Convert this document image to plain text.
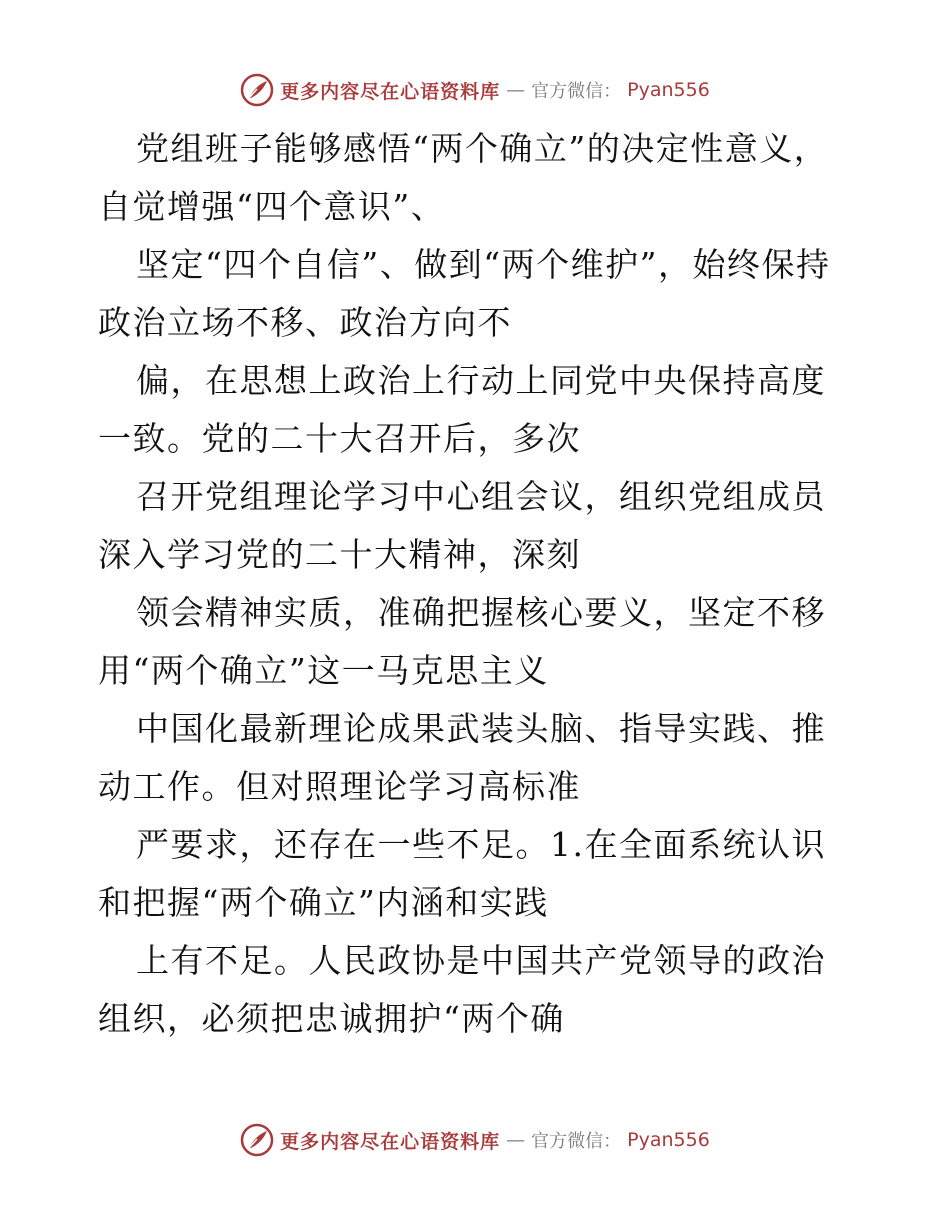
更多内容尽在心语资料库 — 官方微信： Pyan556

党组班子能够感悟“两个确立”的决定性意义，自觉增强“四个意识”、

坚定“四个自信”、做到“两个维护”，始终保持政治立场不移、政治方向不

偏，在思想上政治上行动上同党中央保持高度一致。党的二十大召开后，多次

召开党组理论学习中心组会议，组织党组成员深入学习党的二十大精神，深刻

领会精神实质，准确把握核心要义，坚定不移用“两个确立”这一马克思主义

中国化最新理论成果武装头脑、指导实践、推动工作。但对照理论学习高标准

严要求，还存在一些不足。1.在全面系统认识和把握“两个确立”内涵和实践

上有不足。人民政协是中国共产党领导的政治组织，必须把忠诚拥护“两个确

更多内容尽在心语资料库 — 官方微信： Pyan556
